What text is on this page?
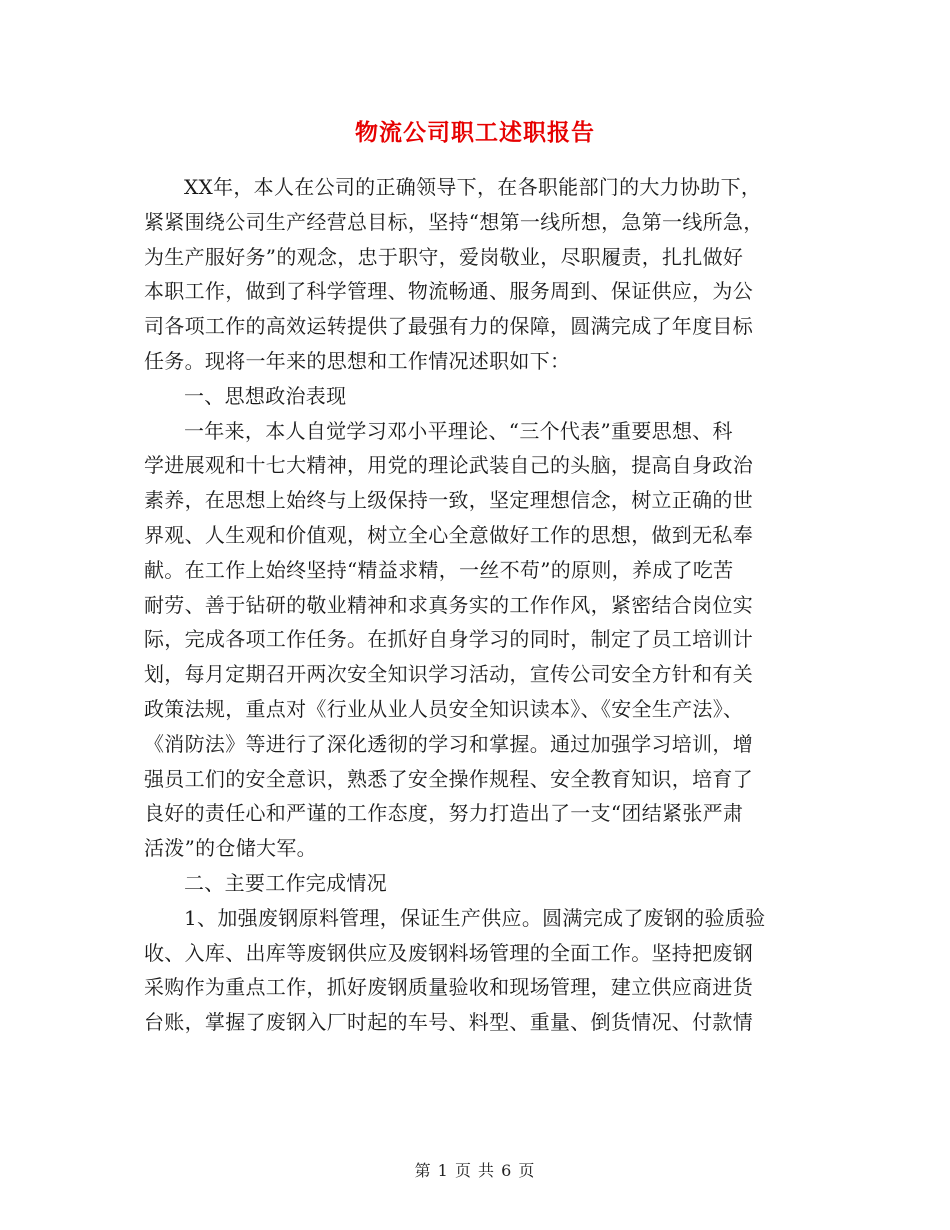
物流公司职工述职报告
XX年，本人在公司的正确领导下，在各职能部门的大力协助下，
紧紧围绕公司生产经营总目标，坚持“想第一线所想，急第一线所急，
为生产服好务”的观念，忠于职守，爱岗敬业，尽职履责，扎扎做好
本职工作，做到了科学管理、物流畅通、服务周到、保证供应，为公
司各项工作的高效运转提供了最强有力的保障，圆满完成了年度目标
任务。现将一年来的思想和工作情况述职如下：
一、思想政治表现
一年来，本人自觉学习邓小平理论、“三个代表”重要思想、科
学进展观和十七大精神，用党的理论武装自己的头脑，提高自身政治
素养，在思想上始终与上级保持一致，坚定理想信念，树立正确的世
界观、人生观和价值观，树立全心全意做好工作的思想，做到无私奉
献。在工作上始终坚持“精益求精，一丝不苟”的原则，养成了吃苦
耐劳、善于钻研的敬业精神和求真务实的工作作风，紧密结合岗位实
际，完成各项工作任务。在抓好自身学习的同时，制定了员工培训计
划，每月定期召开两次安全知识学习活动，宣传公司安全方针和有关
政策法规，重点对《行业从业人员安全知识读本》、《安全生产法》、
《消防法》等进行了深化透彻的学习和掌握。通过加强学习培训，增
强员工们的安全意识，熟悉了安全操作规程、安全教育知识，培育了
良好的责任心和严谨的工作态度，努力打造出了一支“团结紧张严肃
活泼”的仓储大军。
二、主要工作完成情况
1、加强废钢原料管理，保证生产供应。圆满完成了废钢的验质验
收、入库、出库等废钢供应及废钢料场管理的全面工作。坚持把废钢
采购作为重点工作，抓好废钢质量验收和现场管理，建立供应商进货
台账，掌握了废钢入厂时起的车号、料型、重量、倒货情况、付款情
第 1 页 共 6 页
